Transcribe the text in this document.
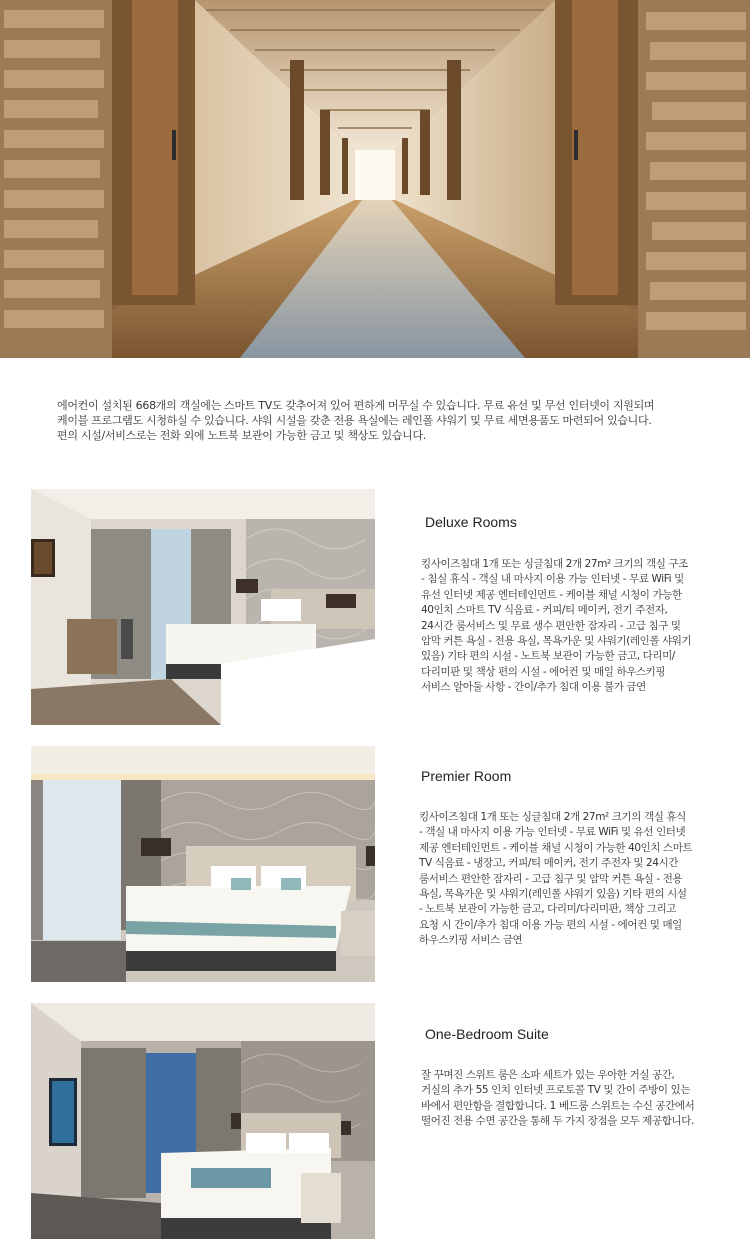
에어컨이 설치된 668개의 객실에는 스마트 TV도 갖추어져 있어 편하게 머무실 수 있습니다. 무료 유선 및 무선 인터넷이 지원되며

케이블 프로그램도 시청하실 수 있습니다. 샤워 시설을 갖춘 전용 욕실에는 레인폴 샤워기 및 무료 세면용품도 마련되어 있습니다.

편의 시설/서비스로는 전화 외에 노트북 보관이 가능한 금고 및 책상도 있습니다.

Deluxe Rooms

킹사이즈침대 1개 또는 싱글침대 2개 27m² 크기의 객실 구조

- 침실 휴식 - 객실 내 마사지 이용 가능 인터넷 - 무료 WiFi 및

유선 인터넷 제공 엔터테인먼트 - 케이블 채널 시청이 가능한

40인치 스마트 TV 식음료 - 커피/티 메이커, 전기 주전자,

24시간 룸서비스 및 무료 생수 편안한 잠자리 - 고급 침구 및

암막 커튼 욕실 - 전용 욕실, 목욕가운 및 샤워기(레인폴 샤워기

있음) 기타 편의 시설 - 노트북 보관이 가능한 금고, 다리미/

다리미판 및 책상 편의 시설 - 에어컨 및 매일 하우스키핑

서비스 알아둘 사항 - 간이/추가 침대 이용 불가 금연

Premier Room

킹사이즈침대 1개 또는 싱글침대 2개 27m² 크기의 객실 휴식

- 객실 내 마사지 이용 가능 인터넷 - 무료 WiFi 및 유선 인터넷

제공 엔터테인먼트 - 케이블 채널 시청이 가능한 40인치 스마트

TV 식음료 - 냉장고, 커피/티 메이커, 전기 주전자 및 24시간

룸서비스 편안한 잠자리 - 고급 침구 및 암막 커튼 욕실 - 전용

욕실, 목욕가운 및 샤워기(레인폴 샤워기 있음) 기타 편의 시설

- 노트북 보관이 가능한 금고, 다리미/다리미판, 책상 그리고

요청 시 간이/추가 침대 이용 가능 편의 시설 - 에어컨 및 매일

하우스키핑 서비스 금연

One-Bedroom Suite

잘 꾸며진 스위트 룸은 소파 세트가 있는 우아한 거실 공간,

거실의 추가 55 인치 인터넷 프로토콜 TV 및 간이 주방이 있는

바에서 편안함을 결합합니다. 1 베드룸 스위트는 수신 공간에서

떨어진 전용 수면 공간을 통해 두 가지 장점을 모두 제공합니다.
